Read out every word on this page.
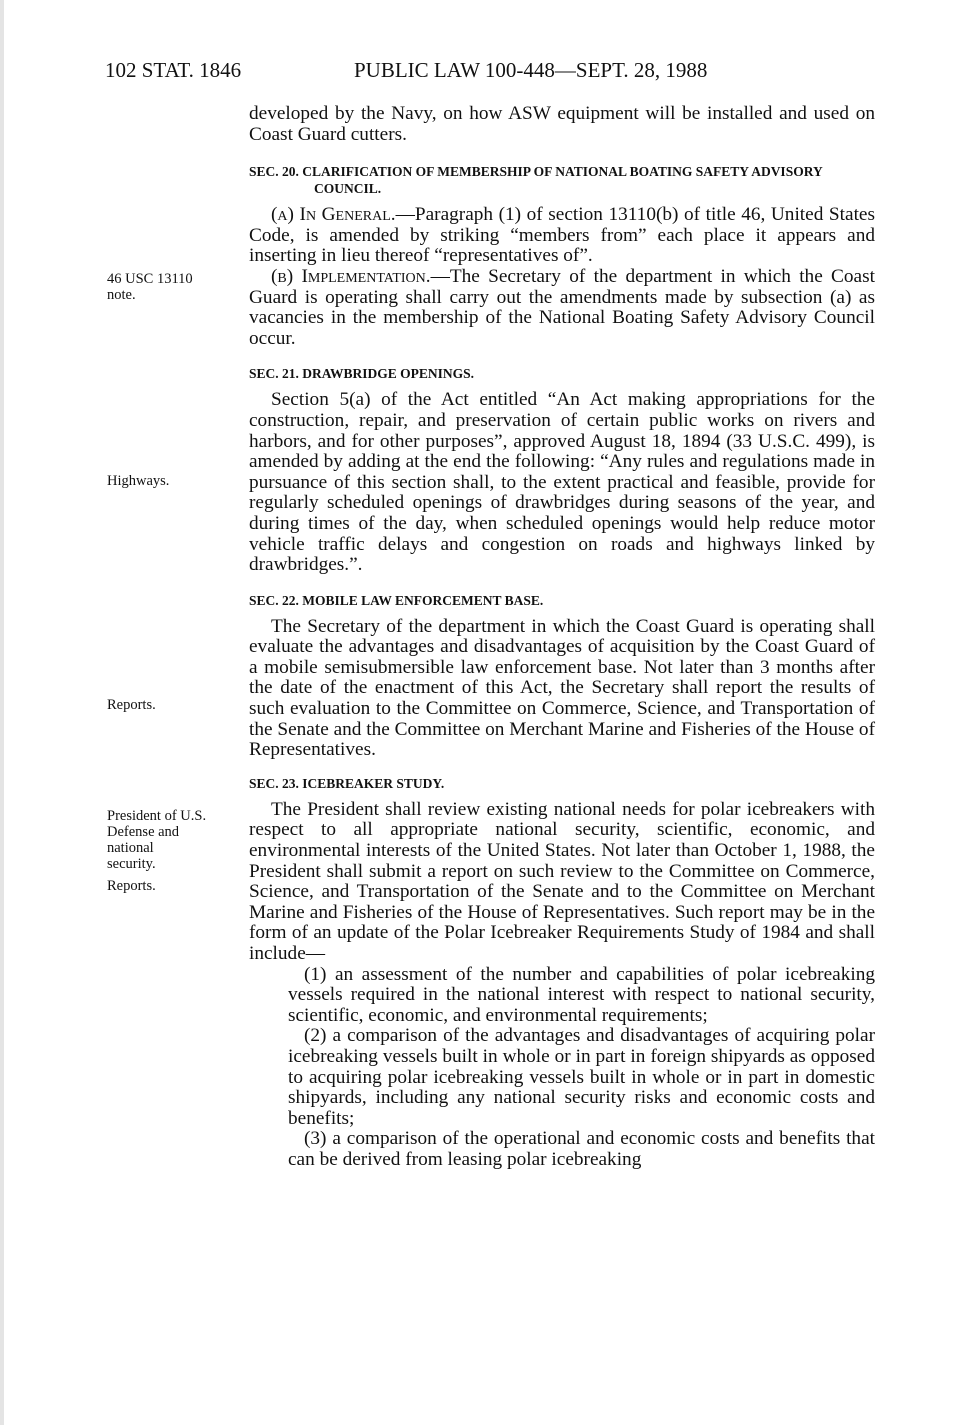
102 STAT. 1846	PUBLIC LAW 100-448—SEPT. 28, 1988
46 USC 13110
note.
Highways.
Reports.
President of U.S.
Defense and
national
security.
Reports.

developed by the Navy, on how ASW equipment will be installed and used on Coast Guard cutters.

SEC. 20. CLARIFICATION OF MEMBERSHIP OF NATIONAL BOATING SAFETY ADVISORY COUNCIL.

(a) In General.—Paragraph (1) of section 13110(b) of title 46, United States Code, is amended by striking “members from” each place it appears and inserting in lieu thereof “representatives of”.

(b) Implementation.—The Secretary of the department in which the Coast Guard is operating shall carry out the amendments made by subsection (a) as vacancies in the membership of the National Boating Safety Advisory Council occur.

SEC. 21. DRAWBRIDGE OPENINGS.

Section 5(a) of the Act entitled “An Act making appropriations for the construction, repair, and preservation of certain public works on rivers and harbors, and for other purposes”, approved August 18, 1894 (33 U.S.C. 499), is amended by adding at the end the following: “Any rules and regulations made in pursuance of this section shall, to the extent practical and feasible, provide for regularly scheduled openings of drawbridges during seasons of the year, and during times of the day, when scheduled openings would help reduce motor vehicle traffic delays and congestion on roads and highways linked by drawbridges.”.

SEC. 22. MOBILE LAW ENFORCEMENT BASE.

The Secretary of the department in which the Coast Guard is operating shall evaluate the advantages and disadvantages of acquisition by the Coast Guard of a mobile semisubmersible law enforcement base. Not later than 3 months after the date of the enactment of this Act, the Secretary shall report the results of such evaluation to the Committee on Commerce, Science, and Transportation of the Senate and the Committee on Merchant Marine and Fisheries of the House of Representatives.

SEC. 23. ICEBREAKER STUDY.

The President shall review existing national needs for polar icebreakers with respect to all appropriate national security, scientific, economic, and environmental interests of the United States. Not later than October 1, 1988, the President shall submit a report on such review to the Committee on Commerce, Science, and Transportation of the Senate and to the Committee on Merchant Marine and Fisheries of the House of Representatives. Such report may be in the form of an update of the Polar Icebreaker Requirements Study of 1984 and shall include—

(1) an assessment of the number and capabilities of polar icebreaking vessels required in the national interest with respect to national security, scientific, economic, and environmental requirements;

(2) a comparison of the advantages and disadvantages of acquiring polar icebreaking vessels built in whole or in part in foreign shipyards as opposed to acquiring polar icebreaking vessels built in whole or in part in domestic shipyards, including any national security risks and economic costs and benefits;

(3) a comparison of the operational and economic costs and benefits that can be derived from leasing polar icebreaking
